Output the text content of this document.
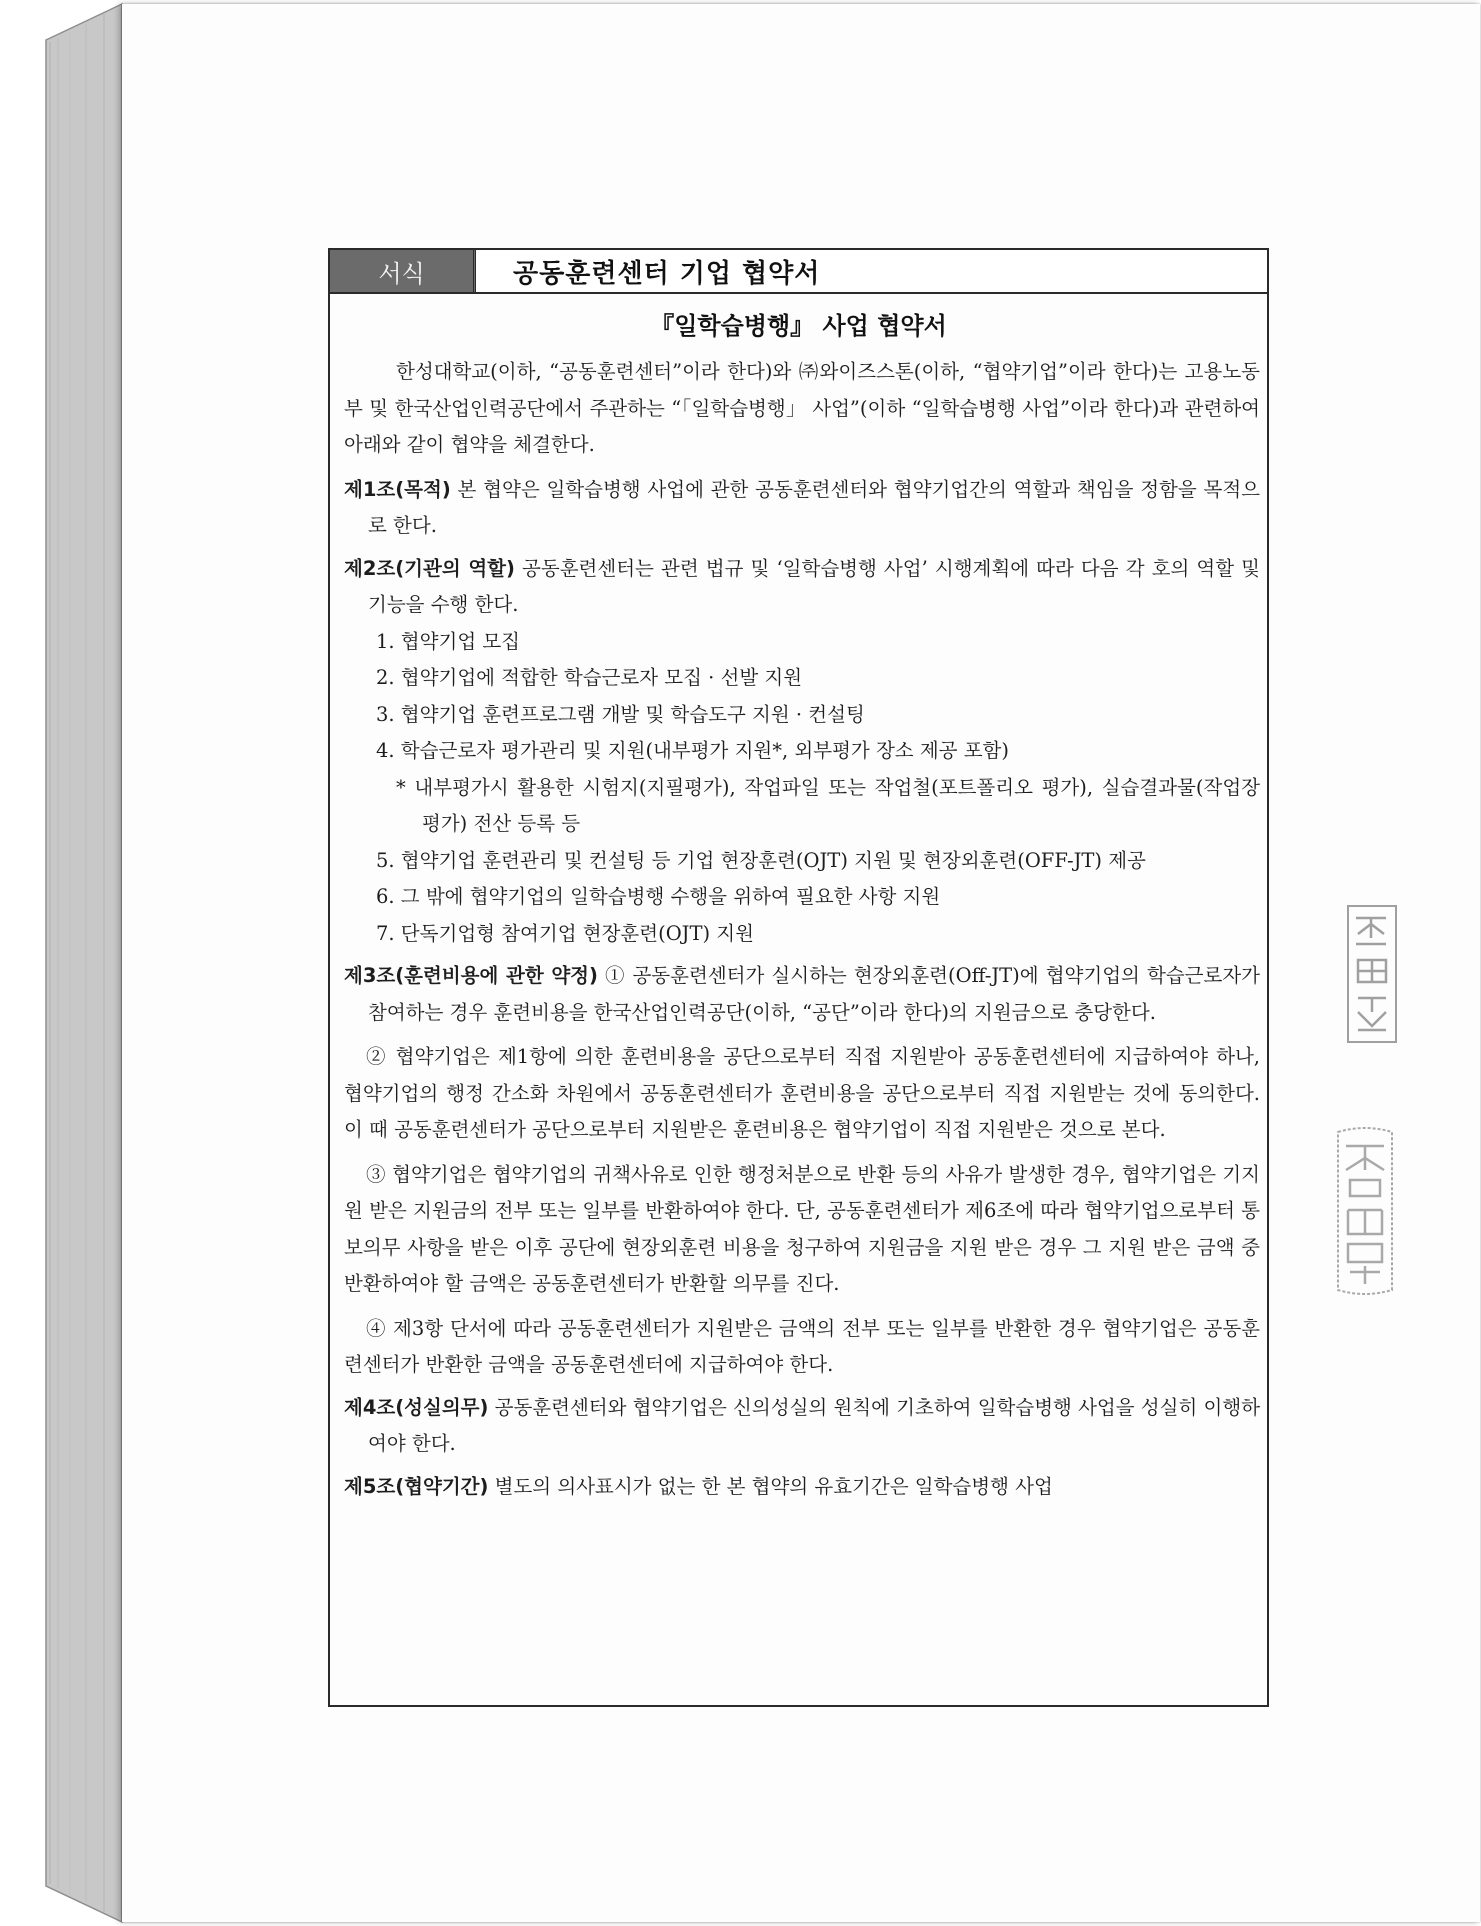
서식	공동훈련센터 기업 협약서
『일학습병행』 사업 협약서

한성대학교(이하, “공동훈련센터”이라 한다)와 ㈜와이즈스톤(이하, “협약기업”이라 한다)는 고용노동부 및 한국산업인력공단에서 주관하는 “「일학습병행」 사업”(이하 “일학습병행 사업”이라 한다)과 관련하여 아래와 같이 협약을 체결한다.

제1조(목적) 본 협약은 일학습병행 사업에 관한 공동훈련센터와 협약기업간의 역할과 책임을 정함을 목적으로 한다.

제2조(기관의 역할) 공동훈련센터는 관련 법규 및 ‘일학습병행 사업’ 시행계획에 따라 다음 각 호의 역할 및 기능을 수행 한다.

1. 협약기업 모집

2. 협약기업에 적합한 학습근로자 모집 · 선발 지원

3. 협약기업 훈련프로그램 개발 및 학습도구 지원 · 컨설팅

4. 학습근로자 평가관리 및 지원(내부평가 지원*, 외부평가 장소 제공 포함)

* 내부평가시 활용한 시험지(지필평가), 작업파일 또는 작업철(포트폴리오 평가), 실습결과물(작업장 평가) 전산 등록 등

5. 협약기업 훈련관리 및 컨설팅 등 기업 현장훈련(OJT) 지원 및 현장외훈련(OFF-JT) 제공

6. 그 밖에 협약기업의 일학습병행 수행을 위하여 필요한 사항 지원

7. 단독기업형 참여기업 현장훈련(OJT) 지원

제3조(훈련비용에 관한 약정) ① 공동훈련센터가 실시하는 현장외훈련(Off-JT)에 협약기업의 학습근로자가 참여하는 경우 훈련비용을 한국산업인력공단(이하, “공단”이라 한다)의 지원금으로 충당한다.

② 협약기업은 제1항에 의한 훈련비용을 공단으로부터 직접 지원받아 공동훈련센터에 지급하여야 하나, 협약기업의 행정 간소화 차원에서 공동훈련센터가 훈련비용을 공단으로부터 직접 지원받는 것에 동의한다. 이 때 공동훈련센터가 공단으로부터 지원받은 훈련비용은 협약기업이 직접 지원받은 것으로 본다.

③ 협약기업은 협약기업의 귀책사유로 인한 행정처분으로 반환 등의 사유가 발생한 경우, 협약기업은 기지원 받은 지원금의 전부 또는 일부를 반환하여야 한다. 단, 공동훈련센터가 제6조에 따라 협약기업으로부터 통보의무 사항을 받은 이후 공단에 현장외훈련 비용을 청구하여 지원금을 지원 받은 경우 그 지원 받은 금액 중 반환하여야 할 금액은 공동훈련센터가 반환할 의무를 진다.

④ 제3항 단서에 따라 공동훈련센터가 지원받은 금액의 전부 또는 일부를 반환한 경우 협약기업은 공동훈련센터가 반환한 금액을 공동훈련센터에 지급하여야 한다.

제4조(성실의무) 공동훈련센터와 협약기업은 신의성실의 원칙에 기초하여 일학습병행 사업을 성실히 이행하여야 한다.

제5조(협약기간) 별도의 의사표시가 없는 한 본 협약의 유효기간은 일학습병행 사업
